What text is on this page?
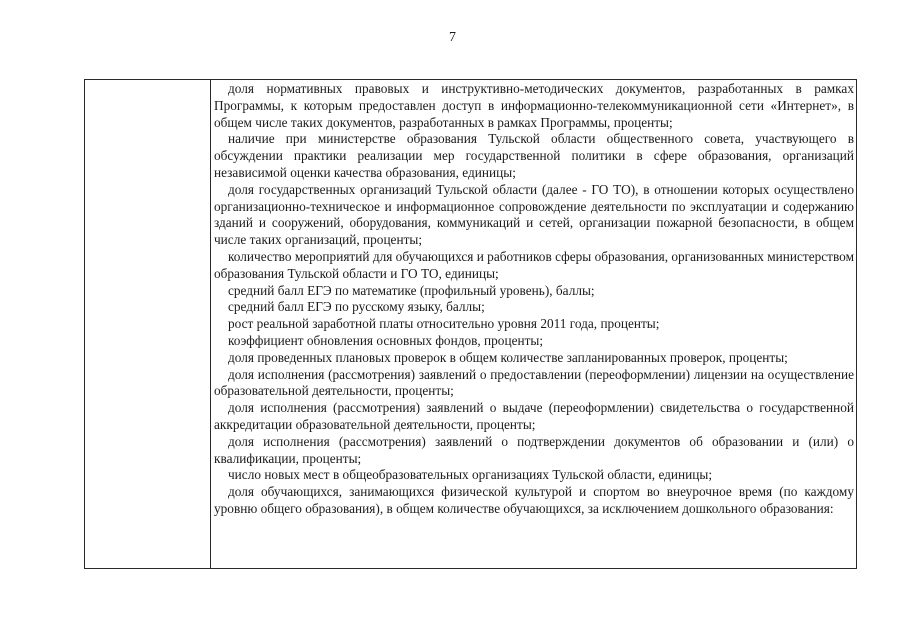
7

доля нормативных правовых и инструктивно-методических документов, разработанных в рамках Программы, к которым предоставлен доступ в информационно-телекоммуникационной сети «Интернет», в общем числе таких документов, разработанных в рамках Программы, проценты;

наличие при министерстве образования Тульской области общественного совета, участвующего в обсуждении практики реализации мер государственной политики в сфере образования, организаций независимой оценки качества образования, единицы;

доля государственных организаций Тульской области (далее - ГО ТО), в отношении которых осуществлено организационно-техническое и информационное сопровождение деятельности по эксплуатации и содержанию зданий и сооружений, оборудования, коммуникаций и сетей, организации пожарной безопасности, в общем числе таких организаций, проценты;

количество мероприятий для обучающихся и работников сферы образования, организованных министерством образования Тульской области и ГО ТО, единицы;

средний балл ЕГЭ по математике (профильный уровень), баллы;

средний балл ЕГЭ по русскому языку, баллы;

рост реальной заработной платы относительно уровня 2011 года, проценты;

коэффициент обновления основных фондов, проценты;

доля проведенных плановых проверок в общем количестве запланированных проверок, проценты;

доля исполнения (рассмотрения) заявлений о предоставлении (переоформлении) лицензии на осуществление образовательной деятельности, проценты;

доля исполнения (рассмотрения) заявлений о выдаче (переоформлении) свидетельства о государственной аккредитации образовательной деятельности, проценты;

доля исполнения (рассмотрения) заявлений о подтверждении документов об образовании и (или) о квалификации, проценты;

число новых мест в общеобразовательных организациях Тульской области, единицы;

доля обучающихся, занимающихся физической культурой и спортом во внеурочное время (по каждому уровню общего образования), в общем количестве обучающихся, за исключением дошкольного образования:
